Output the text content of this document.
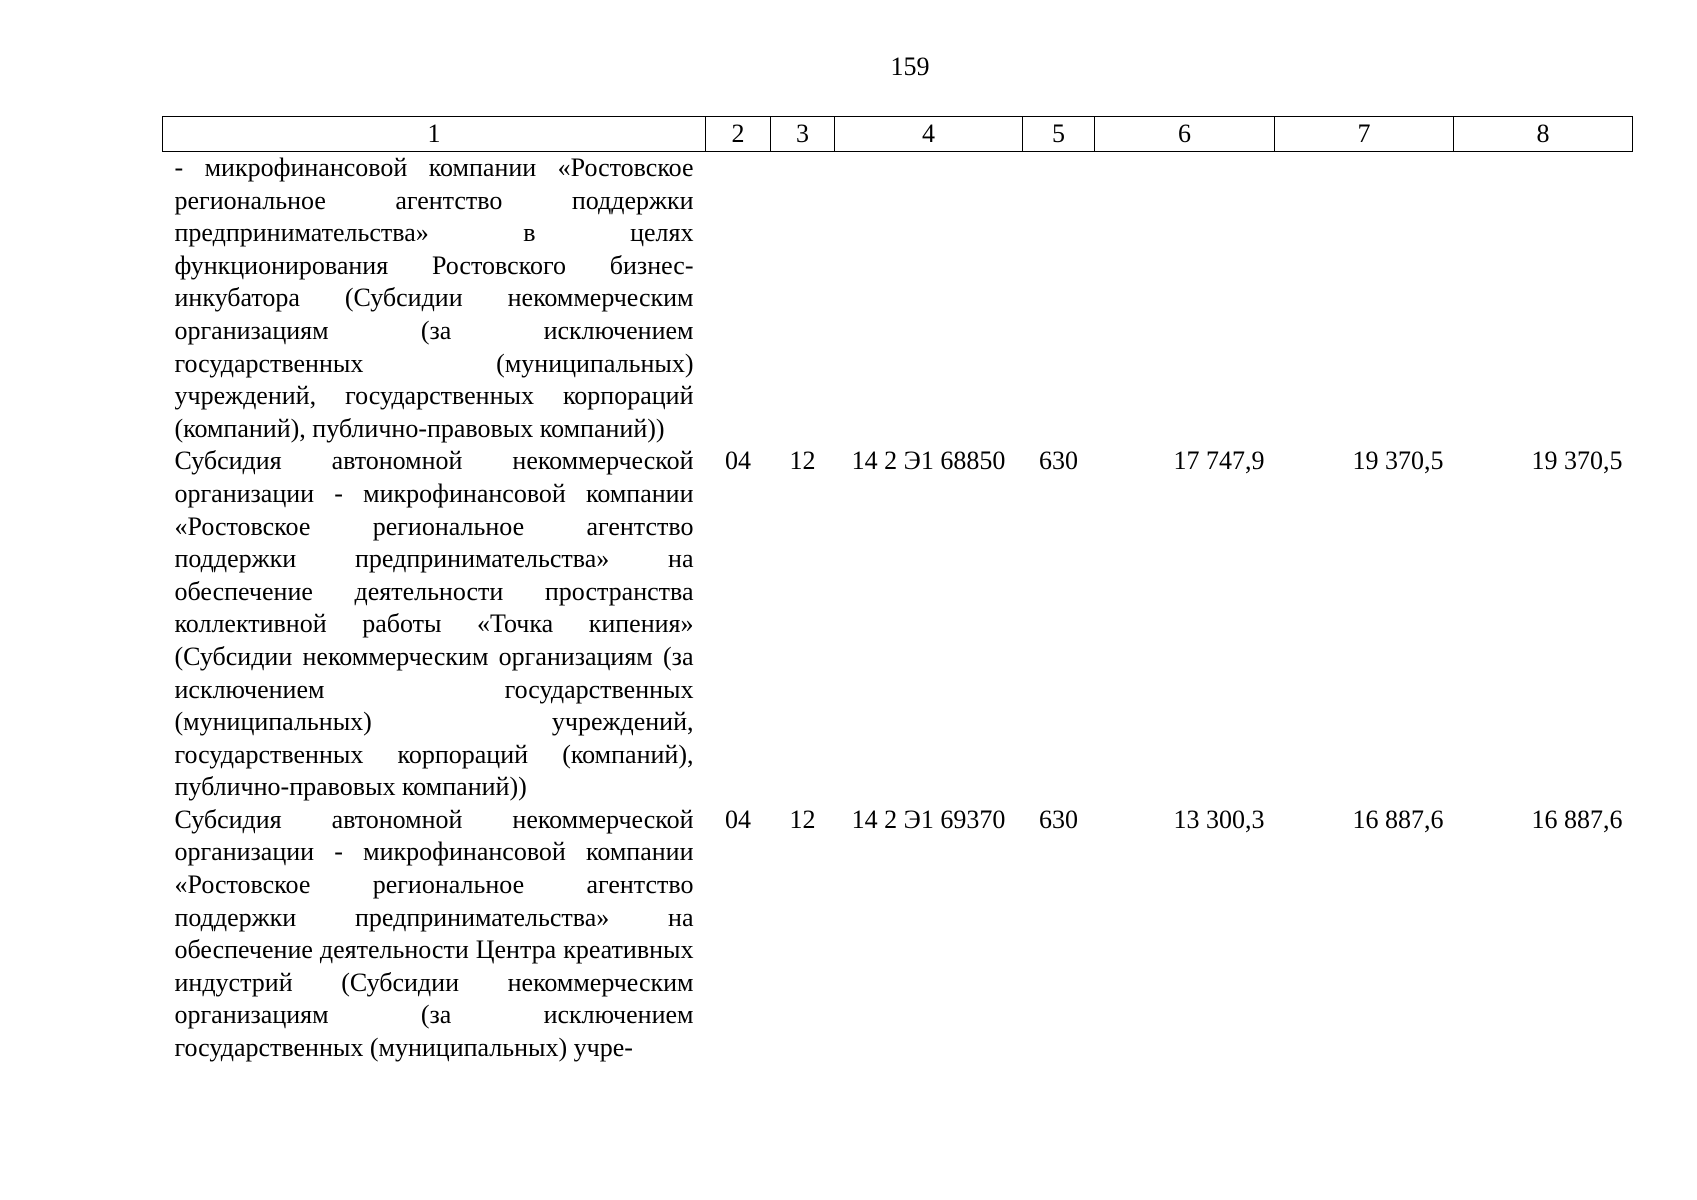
159
1	2	3	4	5	6	7	8
- микрофинансовой компании «Ростовское региональное агентство поддержки предпринимательства» в целях функционирования Ростовского бизнес-инкубатора (Субсидии некоммерческим организациям (за исключением государственных (муниципальных) учреждений, государственных корпораций (компаний), публично-правовых компаний))							
Субсидия автономной некоммерческой организации - микрофинансовой компании «Ростовское региональное агентство поддержки предпринимательства» на обеспечение деятельности пространства коллективной работы «Точка кипения» (Субсидии некоммерческим организациям (за исключением государственных (муниципальных) учреждений, государственных корпораций (компаний), публично-правовых компаний))	04	12	14 2 Э1 68850	630	17 747,9	19 370,5	19 370,5
Субсидия автономной некоммерческой организации - микрофинансовой компании «Ростовское региональное агентство поддержки предпринимательства» на обеспечение деятельности Центра креативных индустрий (Субсидии некоммерческим организациям (за исключением государственных (муниципальных) учре-	04	12	14 2 Э1 69370	630	13 300,3	16 887,6	16 887,6
